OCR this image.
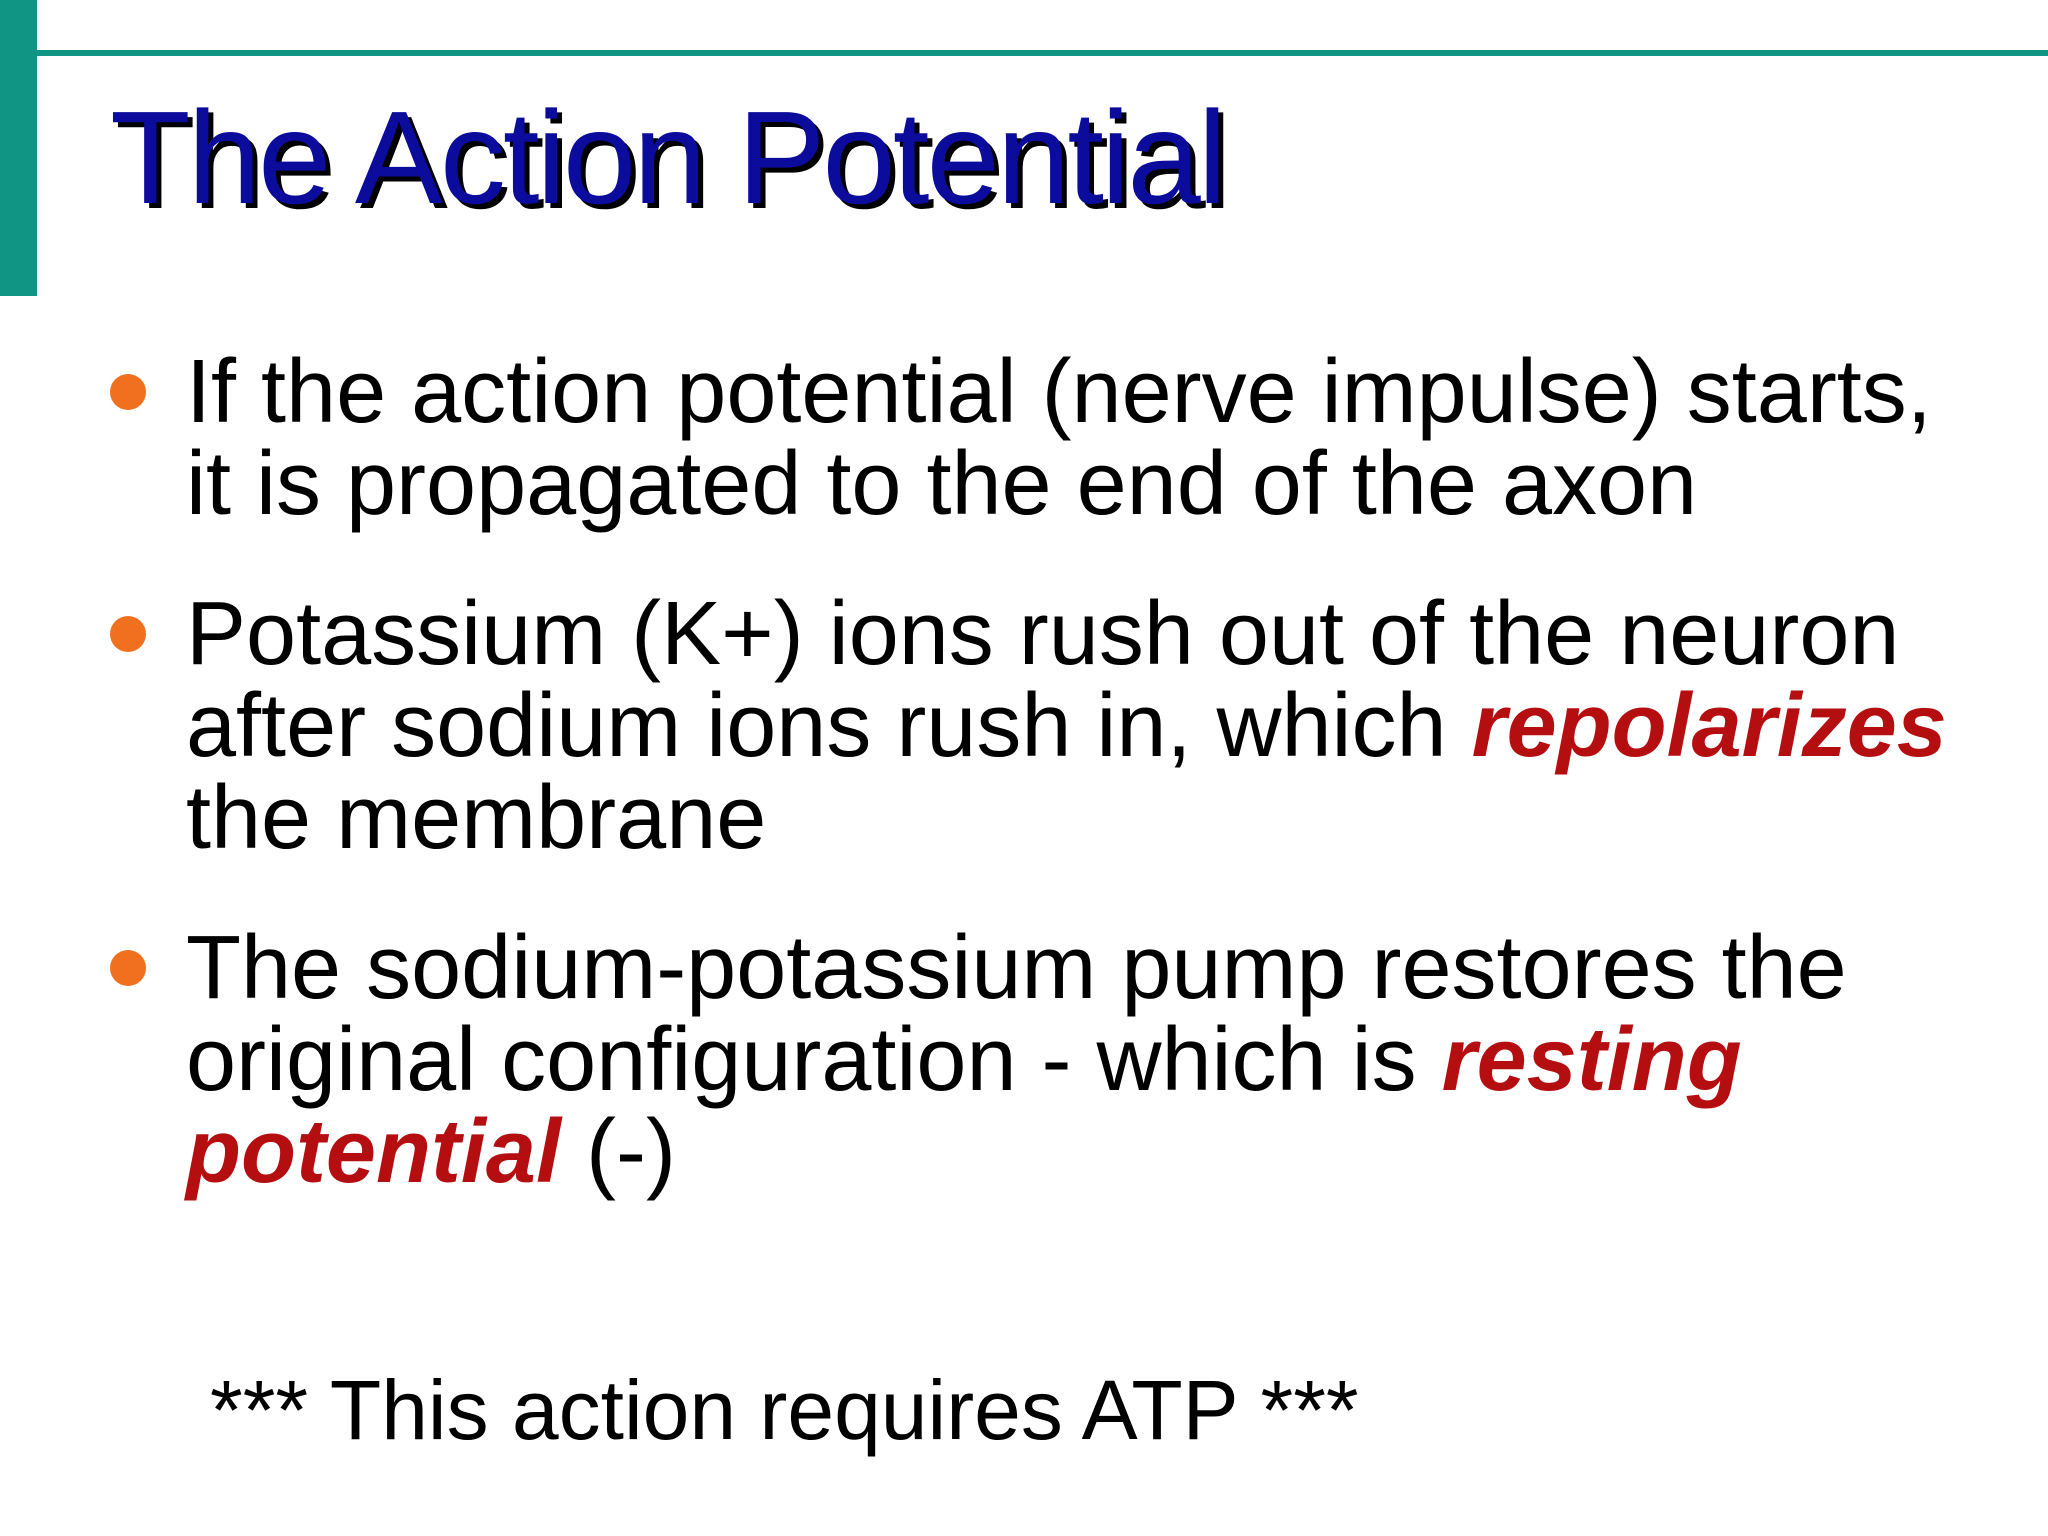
The Action Potential
If the action potential (nerve impulse) starts, it is propagated to the end of the axon
Potassium (K+) ions rush out of the neuron after sodium ions rush in, which repolarizes the membrane
The sodium-potassium pump restores the original configuration - which is resting potential (-)
*** This action requires ATP ***
